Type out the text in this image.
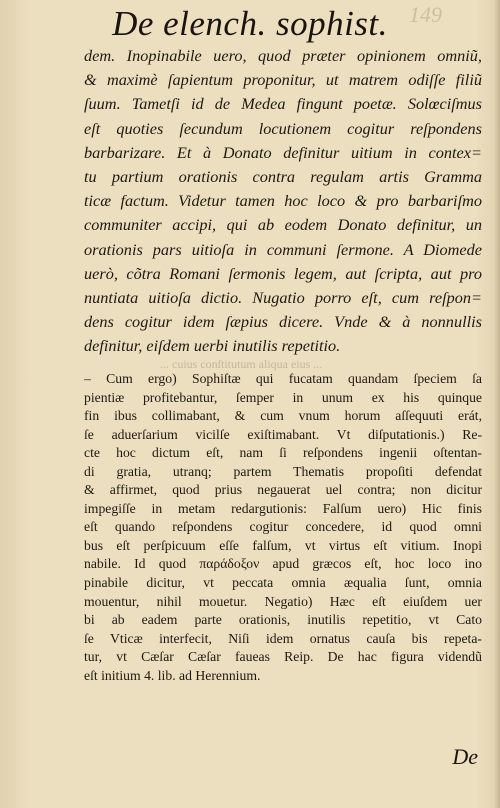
149
De elench. sophist.
dem. Inopinabile uero, quod præter opinionem omniũ,
& maximè ſapientum proponitur, ut matrem odiſſe filiũ
ſuum. Tametſi id de Medea fingunt poetæ. Solœciſmus
eſt quoties ſecundum locutionem cogitur reſpondens
barbarizare. Et à Donato definitur uitium in contex=
tu partium orationis contra regulam artis Gramma
ticæ factum. Videtur tamen hoc loco & pro barbariſmo
communiter accipi, qui ab eodem Donato definitur, un
orationis pars uitioſa in communi ſermone. A Diomede
uerò, cõtra Romani ſermonis legem, aut ſcripta, aut pro
nuntiata uitioſa dictio. Nugatio porro eſt, cum reſpon=
dens cogitur idem ſæpius dicere. Vnde & à nonnullis
definitur, eiſdem uerbi inutilis repetitio.
... cuius conſtitutum aliqua eius ...
– Cum ergo) Sophiſtæ qui fucatam quandam ſpeciem ſa
pientiæ profitebantur, ſemper in unum ex his quinque
fin ibus collimabant, & cum vnum horum aſſequuti erát,
ſe aduerſarium vicilſe exiſtimabant. Vt diſputationis.) Re-
cte hoc dictum eſt, nam ſi reſpondens ingenii oſtentan-
di gratia, utranq; partem Thematis propoſiti defendat
& affirmet, quod prius negauerat uel contra; non dicitur
impegiſſe in metam redargutionis: Falſum uero) Hic finis
eſt quando reſpondens cogitur concedere, id quod omni
bus eſt perſpicuum eſſe falſum, vt virtus eſt vitium. Inopi
nabile. Id quod παράδοξον apud græcos eſt, hoc loco ino
pinabile dicitur, vt peccata omnia æqualia ſunt, omnia
mouentur, nihil mouetur. Negatio) Hæc eſt eiuſdem uer
bi ab eadem parte orationis, inutilis repetitio, vt Cato
ſe Vticæ interfecit, Niſi idem ornatus cauſa bis repeta-
tur, vt Cæſar Cæſar faueas Reip. De hac figura videndũ
eſt initium 4. lib. ad Herennium.
De
